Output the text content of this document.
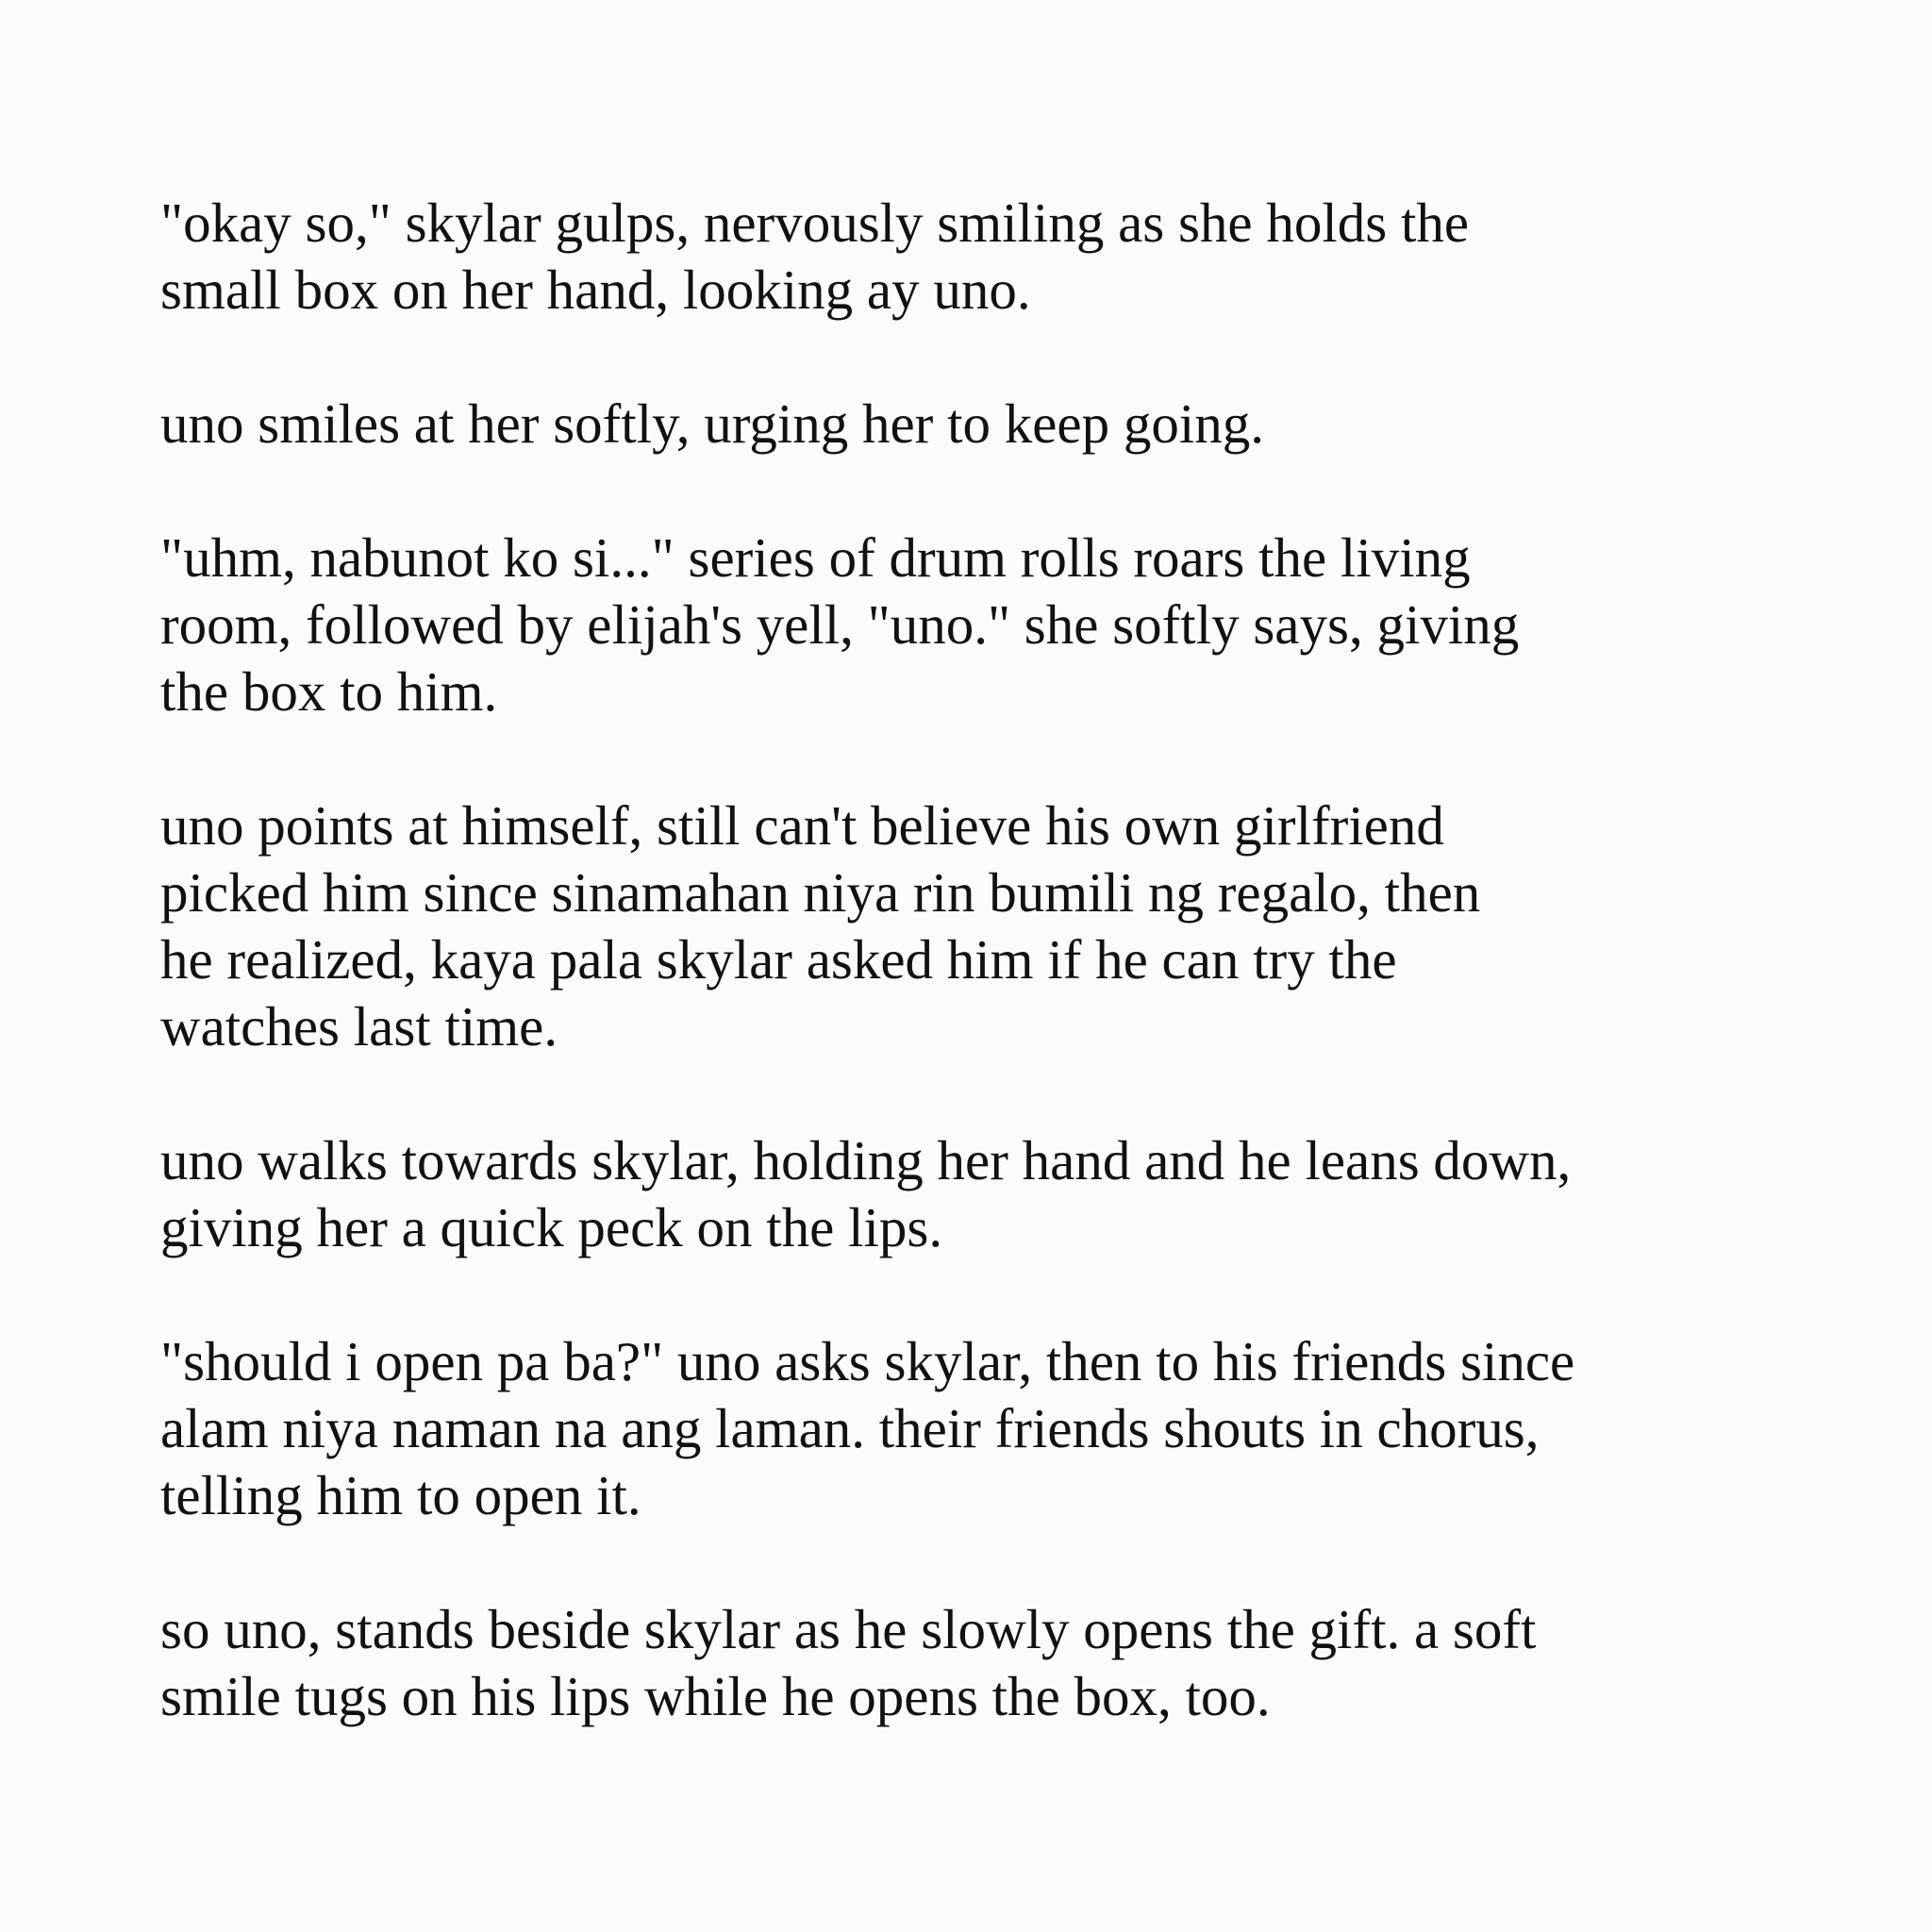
"okay so," skylar gulps, nervously smiling as she holds the
small box on her hand, looking ay uno.

uno smiles at her softly, urging her to keep going.

"uhm, nabunot ko si..." series of drum rolls roars the living
room, followed by elijah's yell, "uno." she softly says, giving
the box to him.

uno points at himself, still can't believe his own girlfriend
picked him since sinamahan niya rin bumili ng regalo, then
he realized, kaya pala skylar asked him if he can try the
watches last time.

uno walks towards skylar, holding her hand and he leans down,
giving her a quick peck on the lips.

"should i open pa ba?" uno asks skylar, then to his friends since
alam niya naman na ang laman. their friends shouts in chorus,
telling him to open it.

so uno, stands beside skylar as he slowly opens the gift. a soft
smile tugs on his lips while he opens the box, too.
